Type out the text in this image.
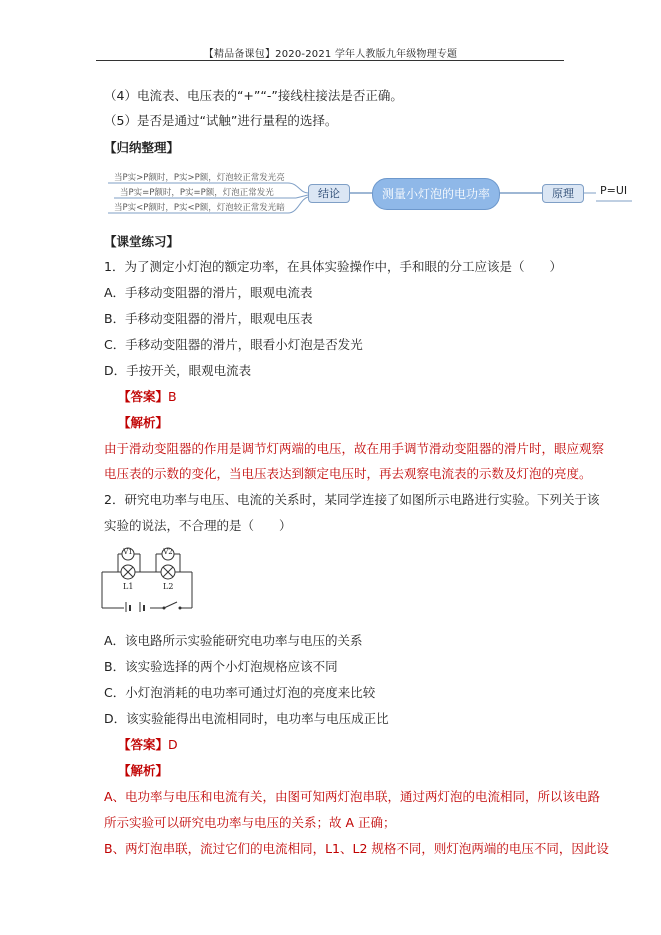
【精品备课包】2020-2021 学年人教版九年级物理专题
（4）电流表、电压表的“+”“-”接线柱接法是否正确。
（5）是否是通过“试触”进行量程的选择。
【归纳整理】
当P实>P额时，P实>P额，灯泡较正常发光亮
当P实=P额时，P实=P额，灯泡正常发光
当P实<P额时，P实<P额，灯泡较正常发光暗
结论	测量小灯泡的电功率	原理	P=UI
【课堂练习】
1．为了测定小灯泡的额定功率，在具体实验操作中，手和眼的分工应该是（　　）
A．手移动变阻器的滑片，眼观电流表
B．手移动变阻器的滑片，眼观电压表
C．手移动变阻器的滑片，眼看小灯泡是否发光
D．手按开关，眼观电流表
【答案】B
【解析】
由于滑动变阻器的作用是调节灯两端的电压，故在用手调节滑动变阻器的滑片时，眼应观察
电压表的示数的变化，当电压表达到额定电压时，再去观察电流表的示数及灯泡的亮度。
2．研究电功率与电压、电流的关系时，某同学连接了如图所示电路进行实验。下列关于该
实验的说法，不合理的是（　　）
V1	V2
L1	L2
A．该电路所示实验能研究电功率与电压的关系
B．该实验选择的两个小灯泡规格应该不同
C．小灯泡消耗的电功率可通过灯泡的亮度来比较
D．该实验能得出电流相同时，电功率与电压成正比
【答案】D
【解析】
A、电功率与电压和电流有关，由图可知两灯泡串联，通过两灯泡的电流相同，所以该电路
所示实验可以研究电功率与电压的关系；故 A 正确；
B、两灯泡串联，流过它们的电流相同，L1、L2 规格不同，则灯泡两端的电压不同，因此设
